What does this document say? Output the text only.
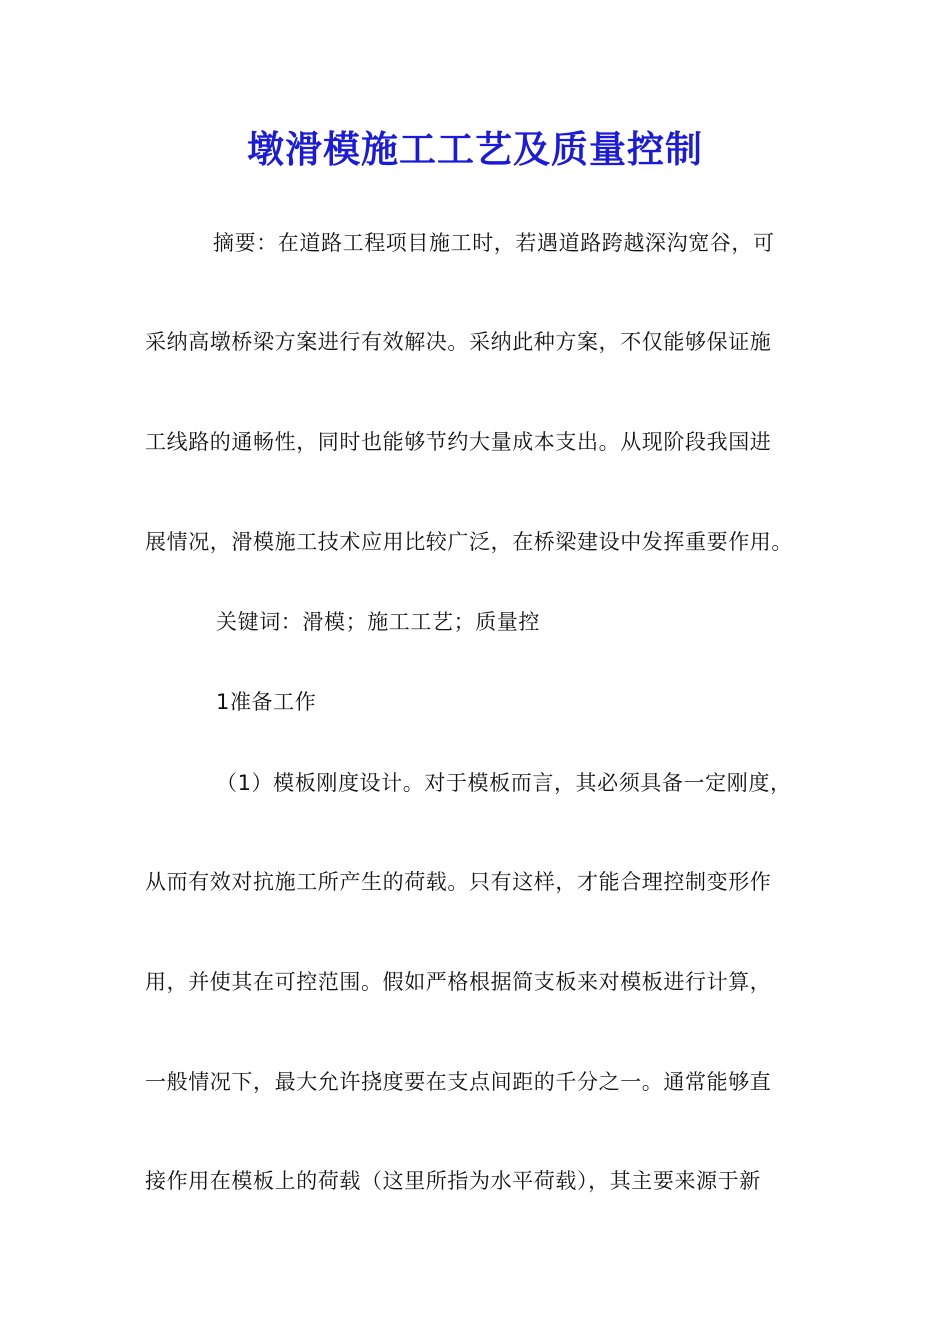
墩滑模施工工艺及质量控制
摘要：在道路工程项目施工时，若遇道路跨越深沟宽谷，可
采纳高墩桥梁方案进行有效解决。采纳此种方案，不仅能够保证施
工线路的通畅性，同时也能够节约大量成本支出。从现阶段我国进
展情况，滑模施工技术应用比较广泛，在桥梁建设中发挥重要作用。
关键词：滑模；施工工艺；质量控
1准备工作
（1）模板刚度设计。对于模板而言，其必须具备一定刚度，
从而有效对抗施工所产生的荷载。只有这样，才能合理控制变形作
用，并使其在可控范围。假如严格根据简支板来对模板进行计算，
一般情况下，最大允许挠度要在支点间距的千分之一。通常能够直
接作用在模板上的荷载（这里所指为水平荷载），其主要来源于新
